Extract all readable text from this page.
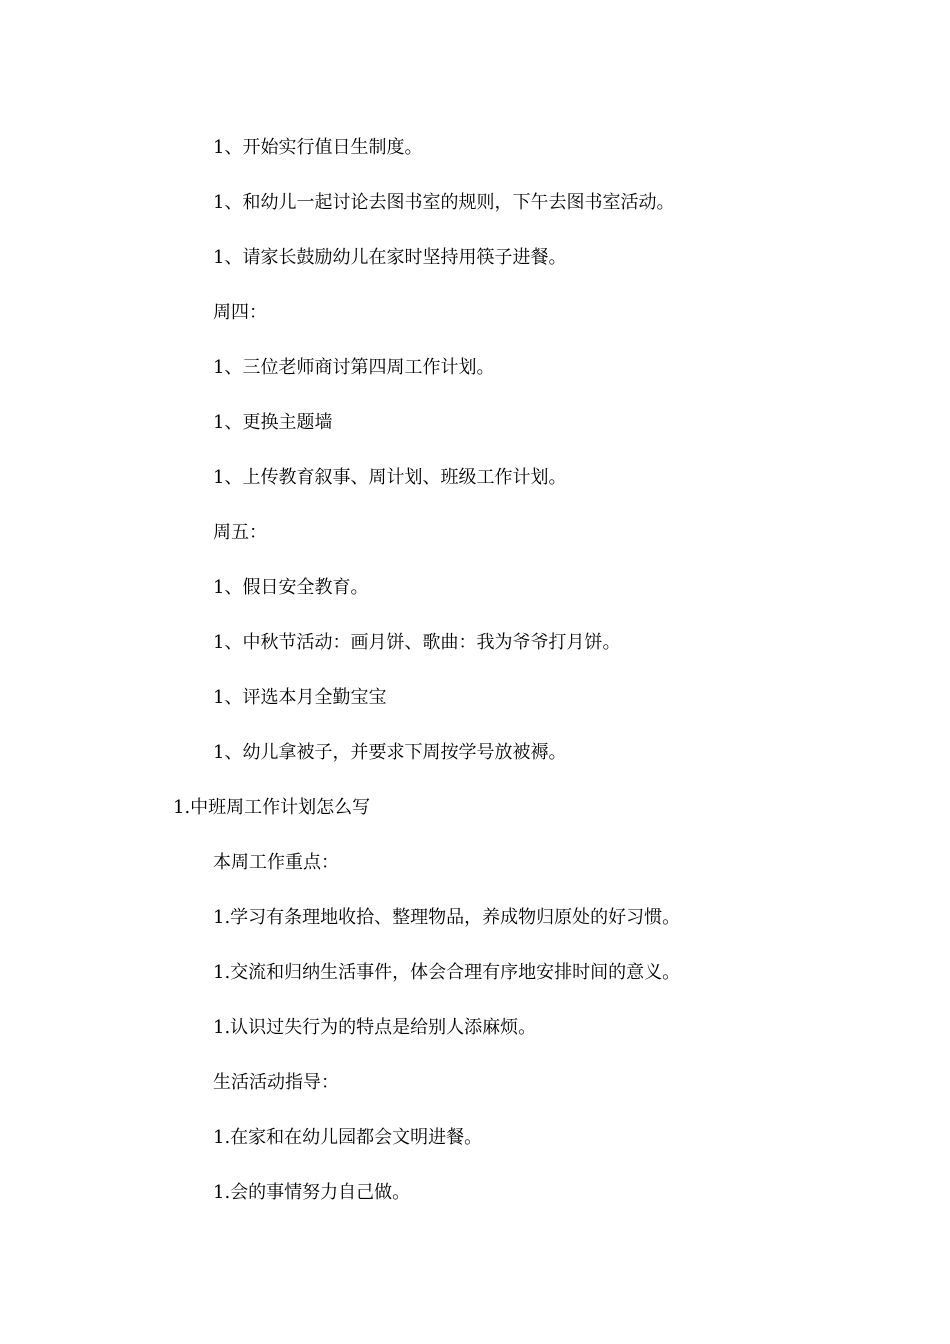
1、开始实行值日生制度。
1、和幼儿一起讨论去图书室的规则，下午去图书室活动。
1、请家长鼓励幼儿在家时坚持用筷子进餐。
周四：
1、三位老师商讨第四周工作计划。
1、更换主题墙
1、上传教育叙事、周计划、班级工作计划。
周五：
1、假日安全教育。
1、中秋节活动：画月饼、歌曲：我为爷爷打月饼。
1、评选本月全勤宝宝
1、幼儿拿被子，并要求下周按学号放被褥。
1.中班周工作计划怎么写
本周工作重点：
1.学习有条理地收拾、整理物品，养成物归原处的好习惯。
1.交流和归纳生活事件，体会合理有序地安排时间的意义。
1.认识过失行为的特点是给别人添麻烦。
生活活动指导：
1.在家和在幼儿园都会文明进餐。
1.会的事情努力自己做。
